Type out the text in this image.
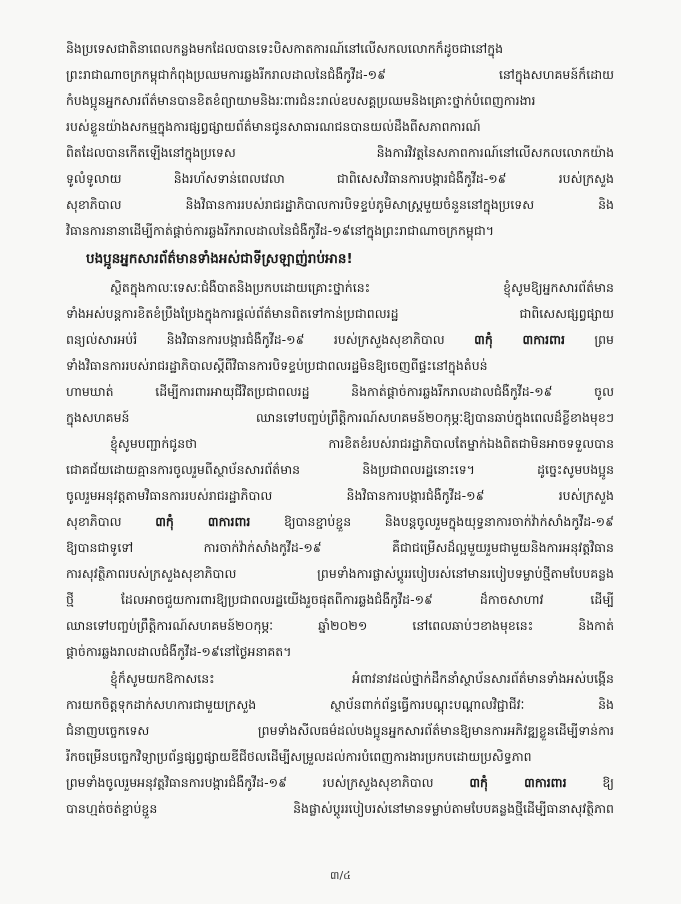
និងប្រទេសជាតិនាពេលកន្លងមកដែលបានទេះបិសកាតការណ៍នៅលើសកលលោកក៏ដូចជានៅក្នុង
ព្រះរាជាណាចក្រកម្ពុជាកំពុងប្រឈមការឆ្លងរីករាលដាលនៃជំងឺកូវីដ-១៩ នៅក្នុងសហគមន៍ក៏ដោយ
កំបងប្អូនអ្នកសារព័ត៌មានបានខិតខំព្យាយាមនិងរៈពារជំនះរាល់ឧបសគ្គប្រឈមនិងគ្រោះថ្នាក់បំពេញការងារ
របស់ខ្លួនយ៉ាងសកម្មក្នុងការផ្សព្វផ្សាយព័ត៌មានជូនសាធារណជនបានយល់ដឹងពីសភាពការណ៍
ពិតដែលបានកើតឡើងនៅក្នុងប្រទេស និងការវិវត្តនៃសភាពការណ៍នៅលើសកលលោកយ៉ាង
ទូលំទូលាយ និងរហ័សទាន់ពេលវេលា ជាពិសេសវិធានការបង្ការជំងឺកូវីដ-១៩ របស់ក្រសួង
សុខាភិបាល និងវិធានការរបស់រាជរដ្ឋាភិបាលការបិទខ្ទប់ភូមិសាស្ត្រមួយចំនួននៅក្នុងប្រទេស និង
វិធានការនានាដើម្បីកាត់ផ្តាច់ការឆ្លងរីករាលដាលនៃជំងឺកូវីដ-១៩នៅក្នុងព្រះរាជាណាចក្រកម្ពុជា។
បងប្អូនអ្នកសារព័ត៌មានទាំងអស់ជាទីស្រឡាញ់រាប់អាន!
ស្ថិតក្នុងកាលៈទេសៈជំងឺបាតនិងប្រកបដោយគ្រោះថ្នាក់នេះ ខ្ញុំសូមឱ្យអ្នកសារព័ត៌មាន
ទាំងអស់បន្តការខិតខំប្រឹងប្រែងក្នុងការផ្តល់ព័ត៌មានពិតទៅកាន់ប្រជាពលរដ្ឋ ជាពិសេសផ្សព្វផ្សាយ
ពន្យល់សារអប់រំ និងវិធានការបង្ការជំងឺកូវីដ-១៩ របស់ក្រសួងសុខាភិបាល ៣កុំ ៣ការពារ ព្រម
ទាំងវិធានការរបស់រាជរដ្ឋាភិបាលស្តីពីវិធានការបិទខ្ទប់ប្រជាពលរដ្ឋមិនឱ្យចេញពីផ្ទះនៅក្នុងតំបន់
ហាមឃាត់ ដើម្បីការពារអាយុជីវិតប្រជាពលរដ្ឋ និងកាត់ផ្តាច់ការឆ្លងរីករាលដាលជំងឺកូវីដ-១៩ ចូល
ក្នុងសហគមន៍ ឈានទៅបញ្ចប់ព្រឹត្តិការណ៍សហគមន៍២០កុម្ភៈឱ្យបានឆាប់ក្នុងពេលដ៏ខ្លីខាងមុខៗ
ខ្ញុំសូមបញ្ជាក់ជូនថា ការខិតខំរបស់រាជរដ្ឋាភិបាលតែម្នាក់ឯងពិតជាមិនអាចទទួលបាន
ជោគជ័យដោយគ្មានការចូលរួមពីស្ថាប័នសារព័ត៌មាន និងប្រជាពលរដ្ឋនោះទេ។ ដូច្នេះសូមបងប្អូន
ចូលរួមអនុវត្តតាមវិធានការរបស់រាជរដ្ឋាភិបាល និងវិធានការបង្ការជំងឺកូវីដ-១៩ របស់ក្រសួង
សុខាភិបាល ៣កុំ ៣ការពារ ឱ្យបានខ្ជាប់ខ្ជួន និងបន្តចូលរួមក្នុងយុទ្ធនាការចាក់វ៉ាក់សាំងកូវីដ-១៩
ឱ្យបានជាទូទៅ ការចាក់វ៉ាក់សាំងកូវីដ-១៩ គឺជាជម្រើសដ៏ល្អមួយរួមជាមួយនិងការអនុវត្តវិធាន
ការសុវត្ថិភាពរបស់ក្រសួងសុខាភិបាល ព្រមទាំងការផ្លាស់ប្តូររបៀបរស់នៅមានរបៀបទម្លាប់ថ្មីតាមបែបគន្លង
ថ្មី ដែលអាចជួយការពារឱ្យប្រជាពលរដ្ឋយើងរួចផុតពីការឆ្លងជំងឺកូវីដ-១៩ ដ៏កាចសាហាវ ដើម្បី
ឈានទៅបញ្ចប់ព្រឹត្តិការណ៍សហគមន៍២០កុម្ភៈ ឆ្នាំ២០២១ នៅពេលឆាប់ៗខាងមុខនេះ និងកាត់
ផ្តាច់ការឆ្លងរាលដាលជំងឺកូវីដ-១៩នៅថ្ងៃអនាគត។
ខ្ញុំក៏សូមយកឱកាសនេះ អំពាវនាវដល់ថ្នាក់ដឹកនាំស្ថាប័នសារព័ត៌មានទាំងអស់បង្កើន
ការយកចិត្តទុកដាក់សហការជាមួយក្រសួង ស្ថាប័នពាក់ព័ន្ធធ្វើការបណ្តុះបណ្តាលវិជ្ជាជីវៈ និង
ជំនាញបច្ចេកទេស ព្រមទាំងសីលធម៌ដល់បងប្អូនអ្នកសារព័ត៌មានឱ្យមានការអភិវឌ្ឍខ្លួនដើម្បីទាន់ការ
រីកចម្រើនបច្ចេកវិទ្យាប្រព័ន្ធផ្សព្វផ្សាយឌីជីថលដើម្បីសម្រួលដល់ការបំពេញការងារប្រកបដោយប្រសិទ្ធភាព
ព្រមទាំងចូលរួមអនុវត្តវិធានការបង្ការជំងឺកូវីដ-១៩ របស់ក្រសួងសុខាភិបាល ៣កុំ ៣ការពារ ឱ្យ
បានហ្មត់ចត់ខ្ជាប់ខ្ជួន និងផ្លាស់ប្តូររបៀបរស់នៅមានទម្លាប់តាមបែបគន្លងថ្មីដើម្បីធានាសុវត្ថិភាព
៣/៤
